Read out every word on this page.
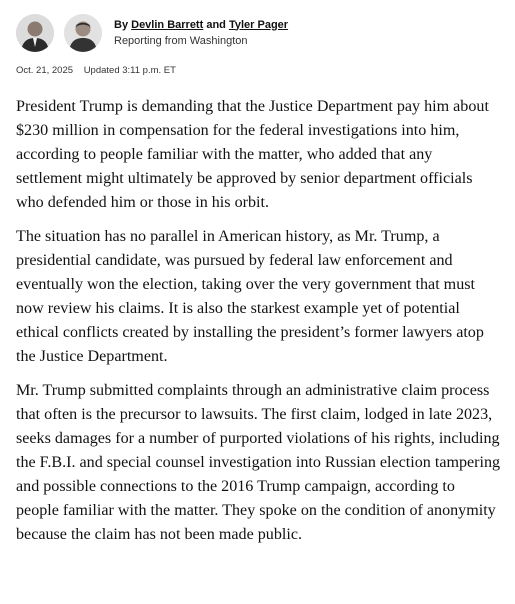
By Devlin Barrett and Tyler Pager
Reporting from Washington
Oct. 21, 2025 Updated 3:11 p.m. ET

President Trump is demanding that the Justice Department pay him about $230 million in compensation for the federal investigations into him, according to people familiar with the matter, who added that any settlement might ultimately be approved by senior department officials who defended him or those in his orbit.

The situation has no parallel in American history, as Mr. Trump, a presidential candidate, was pursued by federal law enforcement and eventually won the election, taking over the very government that must now review his claims. It is also the starkest example yet of potential ethical conflicts created by installing the president’s former lawyers atop the Justice Department.

Mr. Trump submitted complaints through an administrative claim process that often is the precursor to lawsuits. The first claim, lodged in late 2023, seeks damages for a number of purported violations of his rights, including the F.B.I. and special counsel investigation into Russian election tampering and possible connections to the 2016 Trump campaign, according to people familiar with the matter. They spoke on the condition of anonymity because the claim has not been made public.
